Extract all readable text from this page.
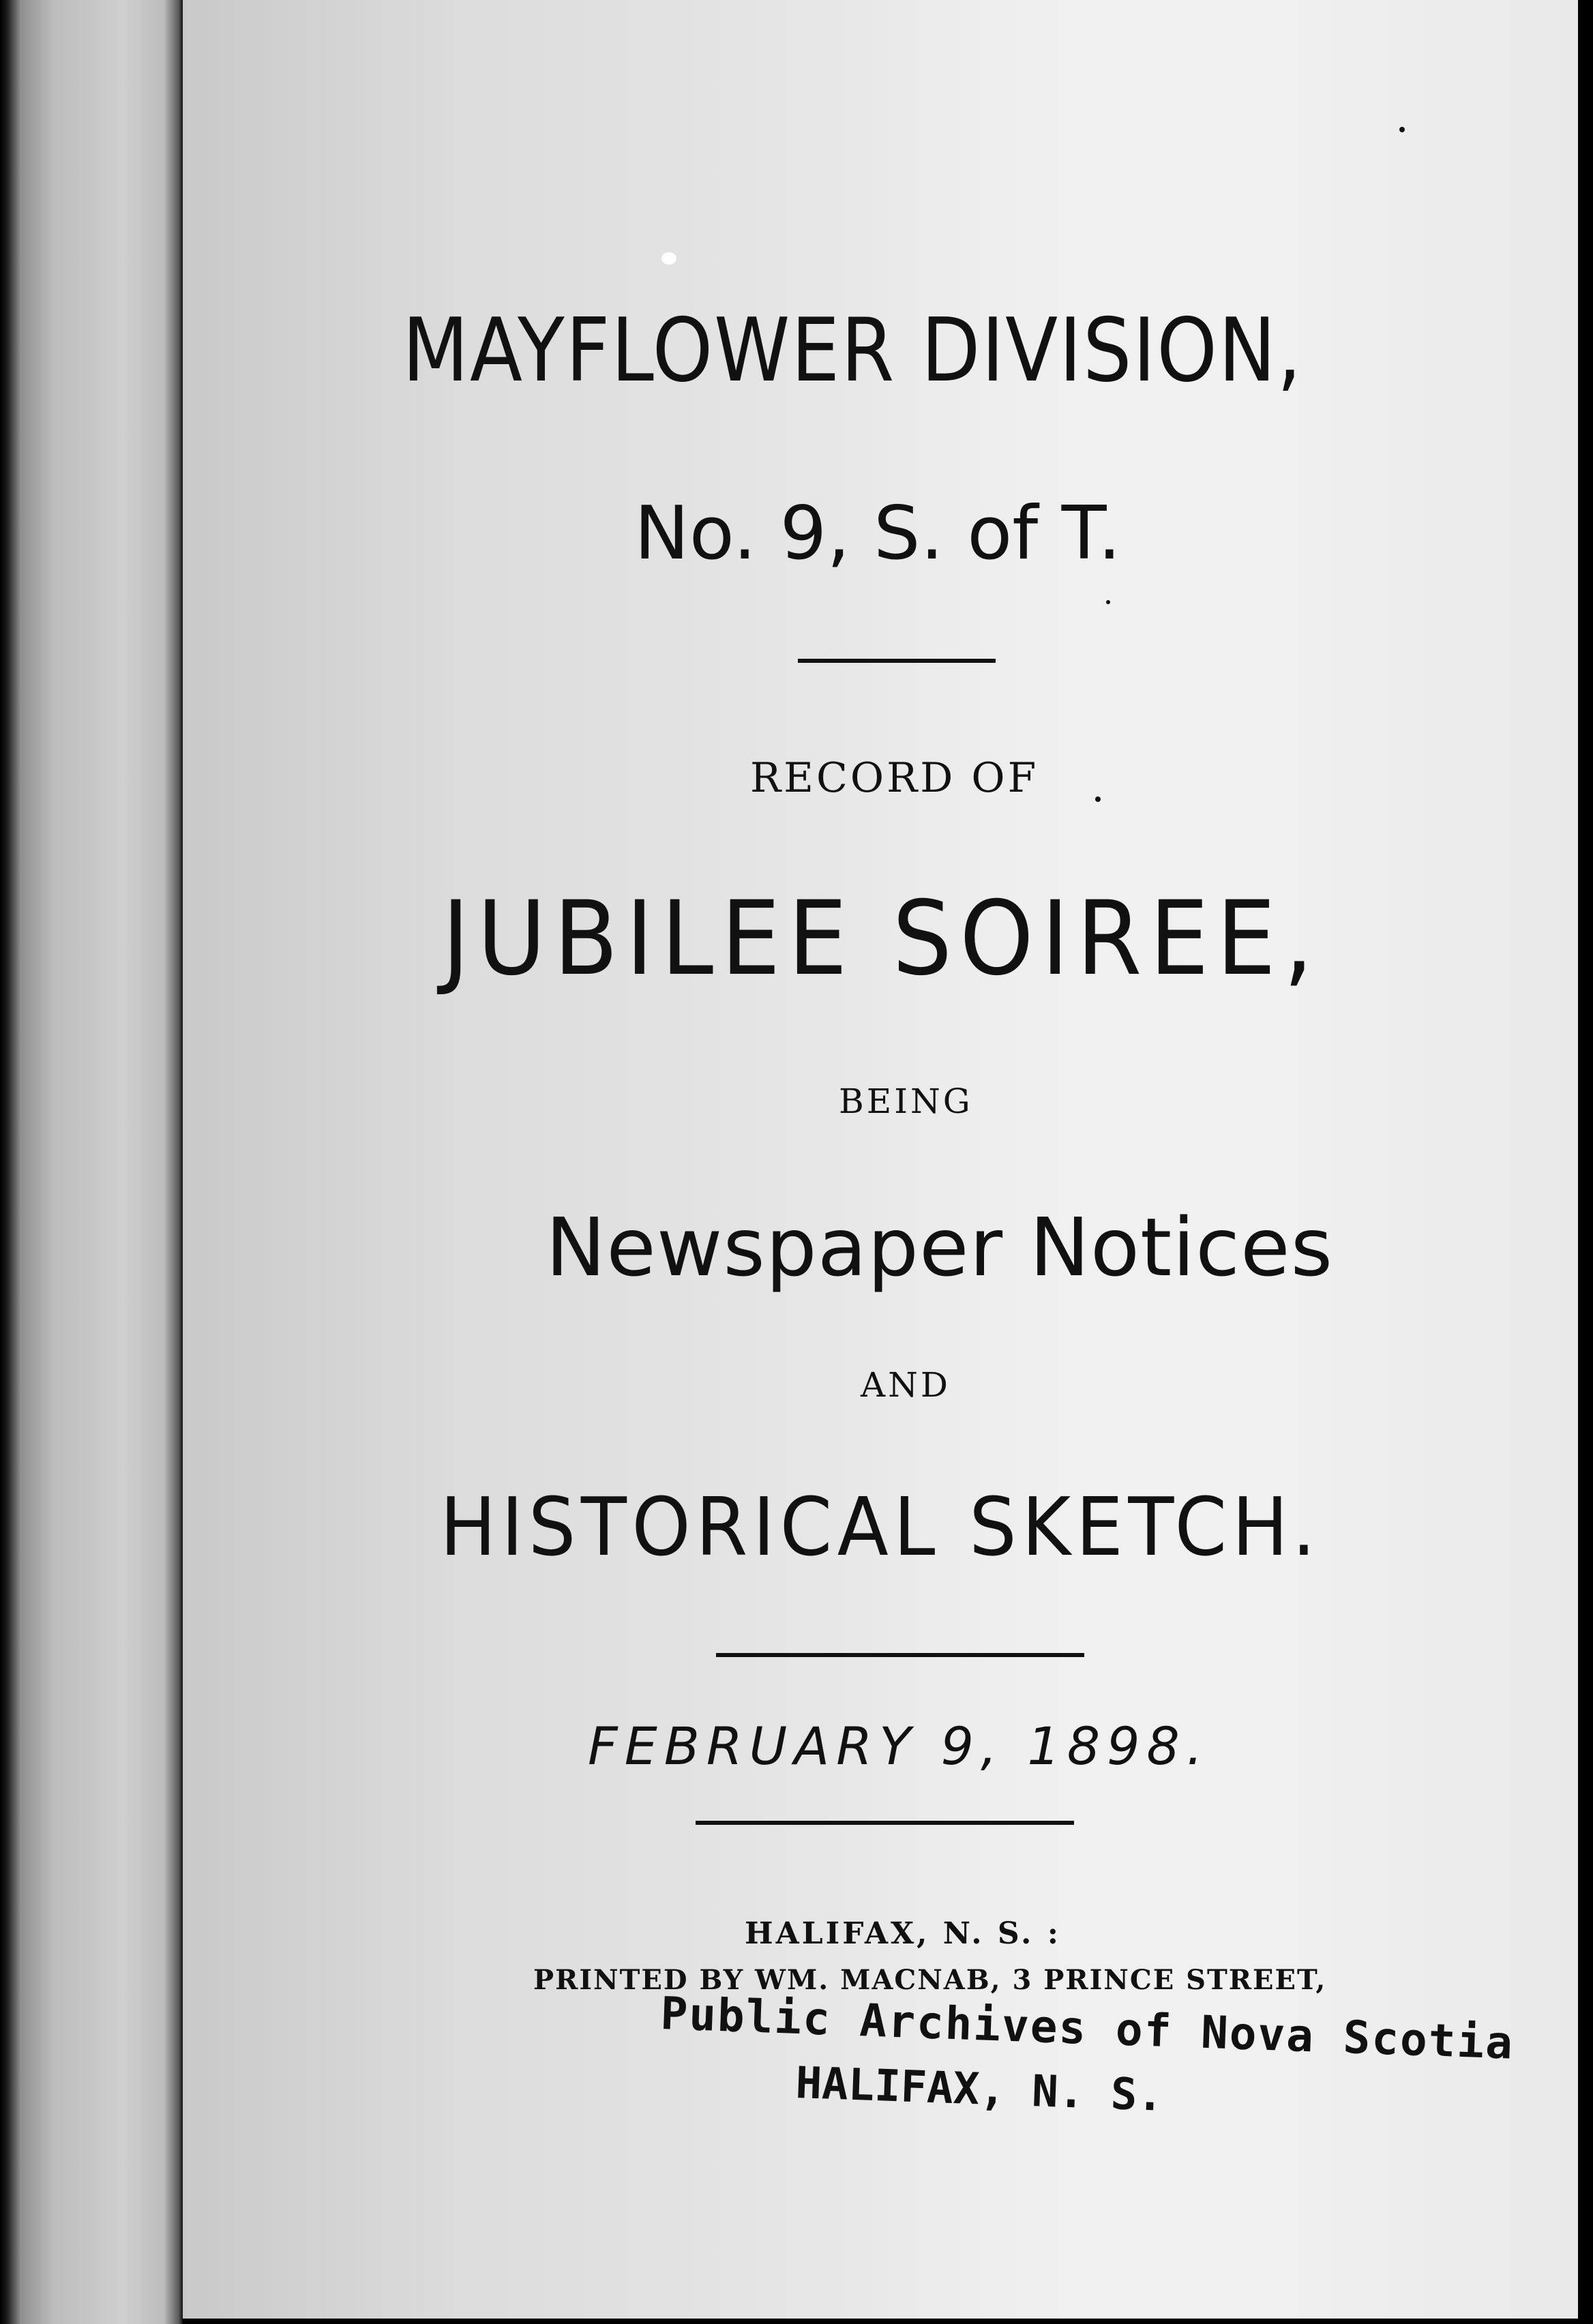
MAYFLOWER DIVISION,
No. 9, S. of T.
RECORD OF
JUBILEE SOIREE,
BEING
Newspaper Notices
AND
HISTORICAL SKETCH.
FEBRUARY 9, 1898.
HALIFAX, N. S. :
PRINTED BY WM. MACNAB, 3 PRINCE STREET,
Public Archives of Nova Scotia
HALIFAX, N. S.
